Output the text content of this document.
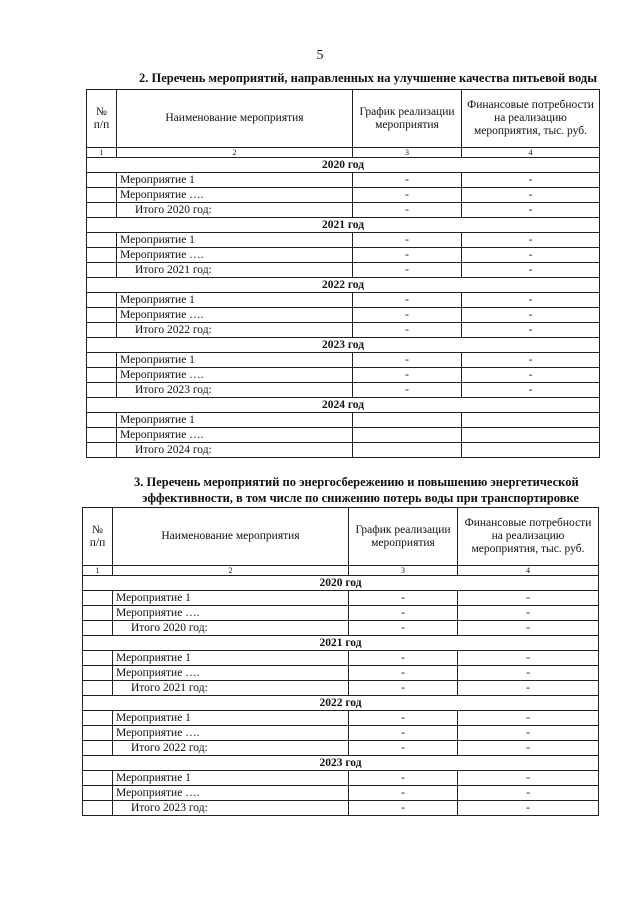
5
2. Перечень мероприятий, направленных на улучшение качества питьевой воды
№ п/п	Наименование мероприятия	График реализации мероприятия	Финансовые потребности на реализацию мероприятия, тыс. руб.
1	2	3	4
2020 год			
	Мероприятие 1	-	-
	Мероприятие ….	-	-
	Итого 2020 год:	-	-
2021 год			
	Мероприятие 1	-	-
	Мероприятие ….	-	-
	Итого 2021 год:	-	-
2022 год			
	Мероприятие 1	-	-
	Мероприятие ….	-	-
	Итого 2022 год:	-	-
2023 год			
	Мероприятие 1	-	-
	Мероприятие ….	-	-
	Итого 2023 год:	-	-
2024 год			
	Мероприятие 1		
	Мероприятие ….		
	Итого 2024 год:		
3. Перечень мероприятий по энергосбережению и повышению энергетической
эффективности, в том числе по снижению потерь воды при транспортировке
№ п/п	Наименование мероприятия	График реализации мероприятия	Финансовые потребности на реализацию мероприятия, тыс. руб.
1	2	3	4
2020 год			
	Мероприятие 1	-	-
	Мероприятие ….	-	-
	Итого 2020 год:	-	-
2021 год			
	Мероприятие 1	-	-
	Мероприятие ….	-	-
	Итого 2021 год:	-	-
2022 год			
	Мероприятие 1	-	-
	Мероприятие ….	-	-
	Итого 2022 год:	-	-
2023 год			
	Мероприятие 1	-	-
	Мероприятие ….	-	-
	Итого 2023 год:	-	-
